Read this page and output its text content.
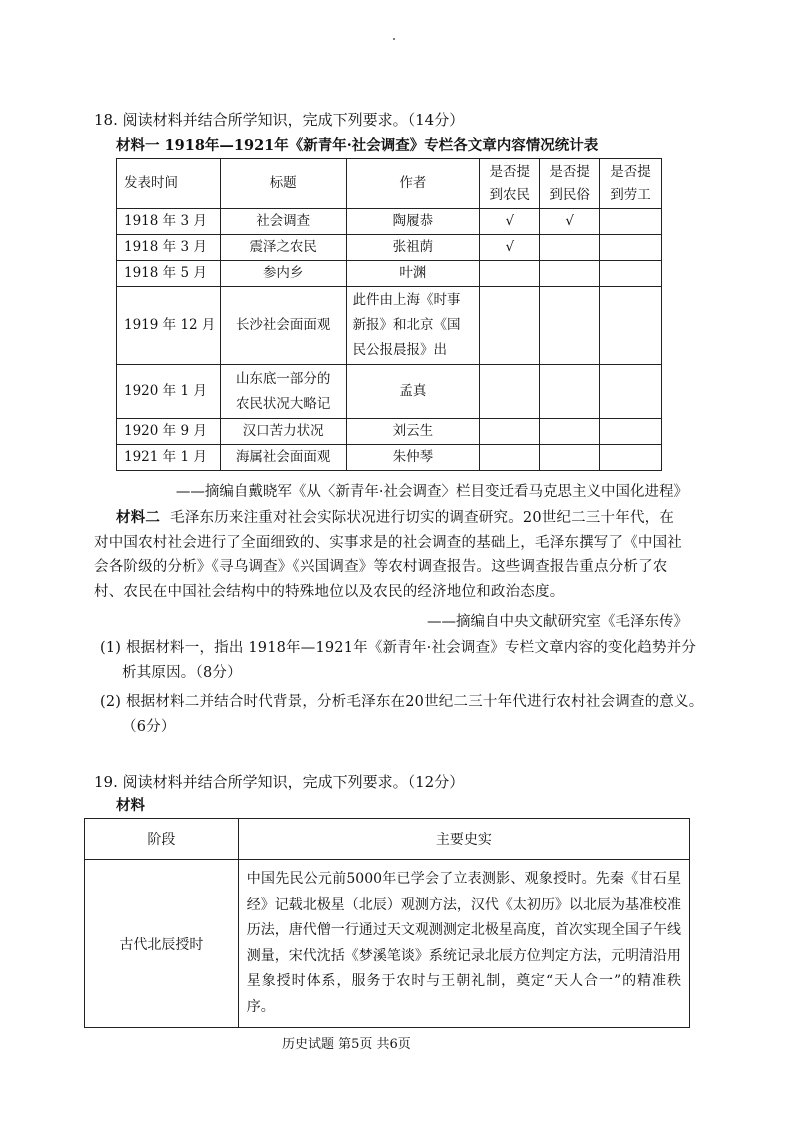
18. 阅读材料并结合所学知识，完成下列要求。（14分）
材料一 1918年—1921年《新青年·社会调查》专栏各文章内容情况统计表
发表时间	标题	作者	是否提到农民	是否提到民俗	是否提到劳工
1918 年 3 月	社会调查	陶履恭	√	√	
1918 年 3 月	震泽之农民	张祖荫	√		
1918 年 5 月	参内乡	叶渊			
1919 年 12 月	长沙社会面面观	此件由上海《时事新报》和北京《国民公报晨报》出			
1920 年 1 月	山东底一部分的农民状况大略记	孟真			
1920 年 9 月	汉口苦力状况	刘云生			
1921 年 1 月	海属社会面面观	朱仲琴			
——摘编自戴晓军《从〈新青年·社会调查〉栏目变迁看马克思主义中国化进程》
材料二 毛泽东历来注重对社会实际状况进行切实的调查研究。20世纪二三十年代，在对中国农村社会进行了全面细致的、实事求是的社会调查的基础上，毛泽东撰写了《中国社会各阶级的分析》《寻乌调查》《兴国调查》等农村调查报告。这些调查报告重点分析了农村、农民在中国社会结构中的特殊地位以及农民的经济地位和政治态度。
——摘编自中央文献研究室《毛泽东传》
(1) 根据材料一，指出 1918年—1921年《新青年·社会调查》专栏文章内容的变化趋势并分析其原因。（8分）
(2) 根据材料二并结合时代背景，分析毛泽东在20世纪二三十年代进行农村社会调查的意义。（6分）
19. 阅读材料并结合所学知识，完成下列要求。（12分）
材料
阶段	主要史实
古代北辰授时	中国先民公元前5000年已学会了立表测影、观象授时。先秦《甘石星经》记载北极星（北辰）观测方法，汉代《太初历》以北辰为基准校准历法，唐代僧一行通过天文观测测定北极星高度，首次实现全国子午线测量，宋代沈括《梦溪笔谈》系统记录北辰方位判定方法，元明清沿用星象授时体系，服务于农时与王朝礼制，奠定“天人合一”的精准秩序。
历史试题 第5页 共6页
